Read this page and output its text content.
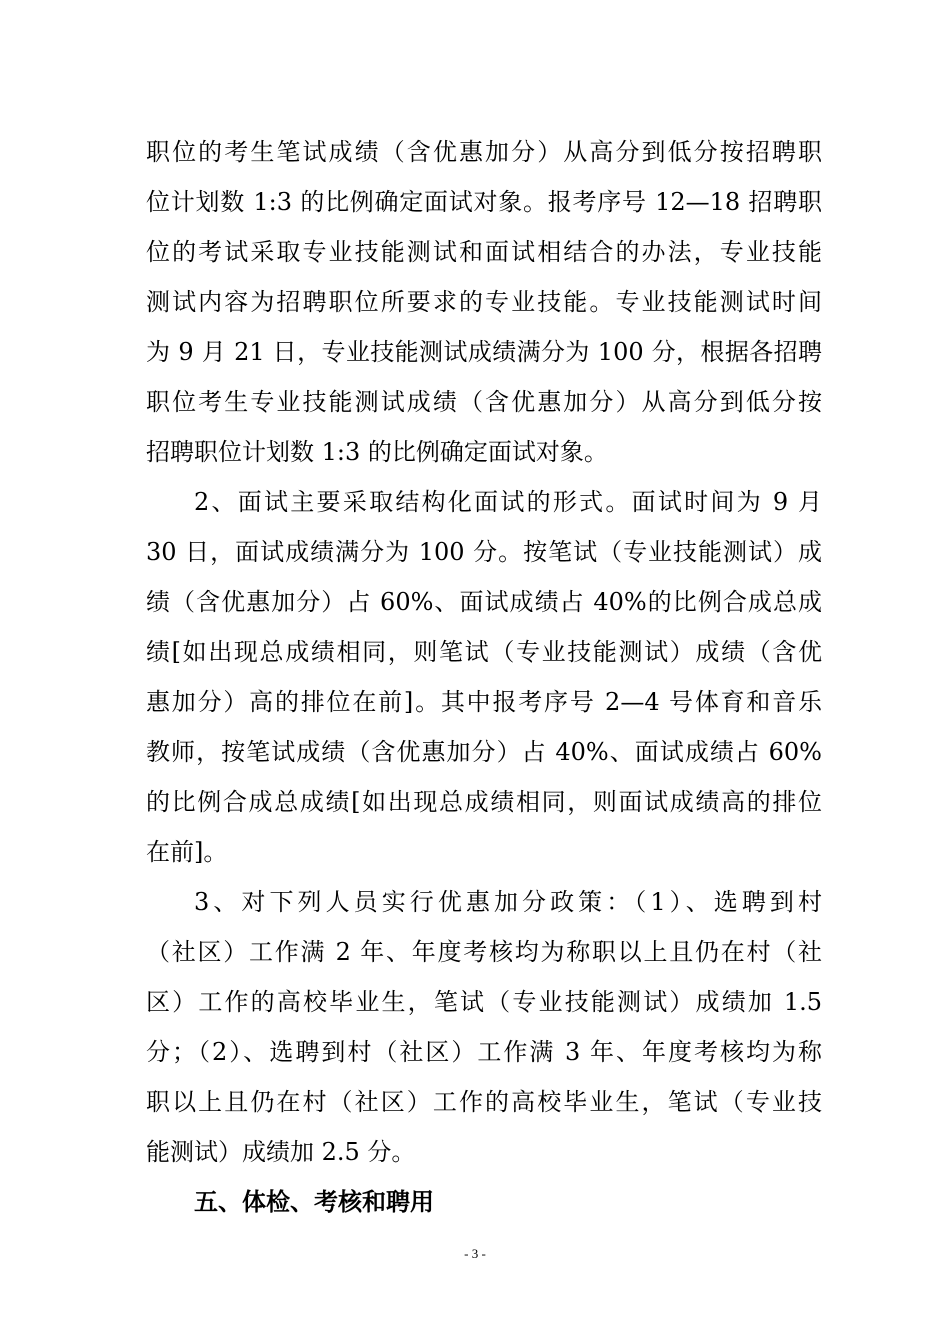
职位的考生笔试成绩（含优惠加分）从高分到低分按招聘职
位计划数 1:3 的比例确定面试对象。报考序号 12—18 招聘职
位的考试采取专业技能测试和面试相结合的办法，专业技能
测试内容为招聘职位所要求的专业技能。专业技能测试时间
为 9 月 21 日，专业技能测试成绩满分为 100 分，根据各招聘
职位考生专业技能测试成绩（含优惠加分）从高分到低分按
招聘职位计划数 1:3 的比例确定面试对象。
2、面试主要采取结构化面试的形式。面试时间为 9 月
30 日，面试成绩满分为 100 分。按笔试（专业技能测试）成
绩（含优惠加分）占 60%、面试成绩占 40%的比例合成总成
绩[如出现总成绩相同，则笔试（专业技能测试）成绩（含优
惠加分）高的排位在前]。其中报考序号 2—4 号体育和音乐
教师，按笔试成绩（含优惠加分）占 40%、面试成绩占 60%
的比例合成总成绩[如出现总成绩相同，则面试成绩高的排位
在前]。
3、对下列人员实行优惠加分政策：（1）、选聘到村
（社区）工作满 2 年、年度考核均为称职以上且仍在村（社
区）工作的高校毕业生，笔试（专业技能测试）成绩加 1.5
分；（2）、选聘到村（社区）工作满 3 年、年度考核均为称
职以上且仍在村（社区）工作的高校毕业生，笔试（专业技
能测试）成绩加 2.5 分。
五、体检、考核和聘用
- 3 -
